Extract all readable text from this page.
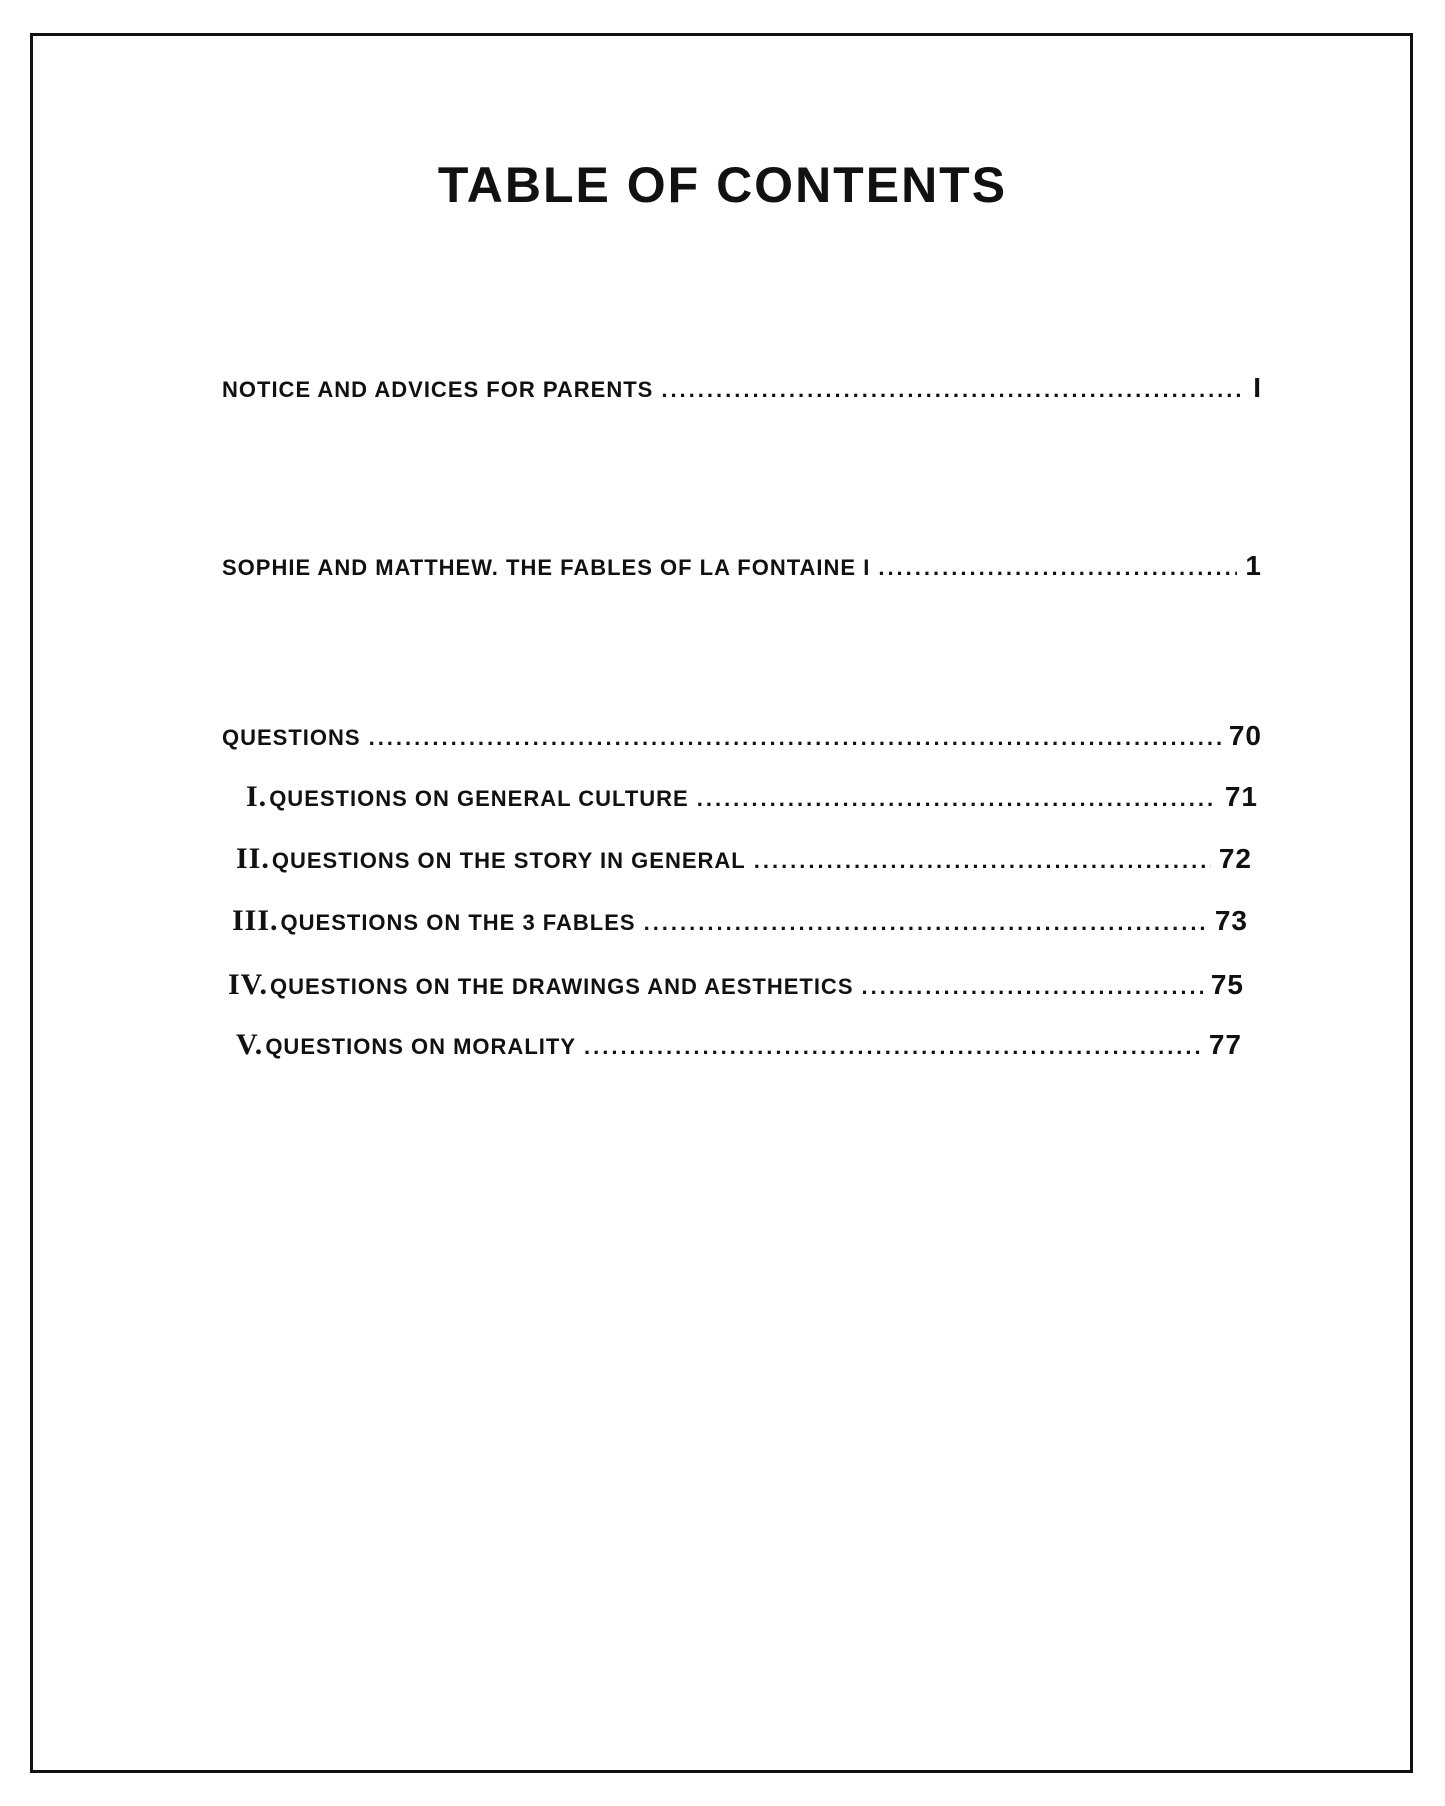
TABLE OF CONTENTS
NOTICE AND ADVICES FOR PARENTS .....	I
SOPHIE AND MATTHEW. THE FABLES OF LA FONTAINE I .....	1
QUESTIONS .....	70
I. QUESTIONS ON GENERAL CULTURE .....	71
II. QUESTIONS ON THE STORY IN GENERAL .....	72
III. QUESTIONS ON THE 3 FABLES .....	73
IV. QUESTIONS ON THE DRAWINGS AND AESTHETICS .....	75
V. QUESTIONS ON MORALITY .....	77
